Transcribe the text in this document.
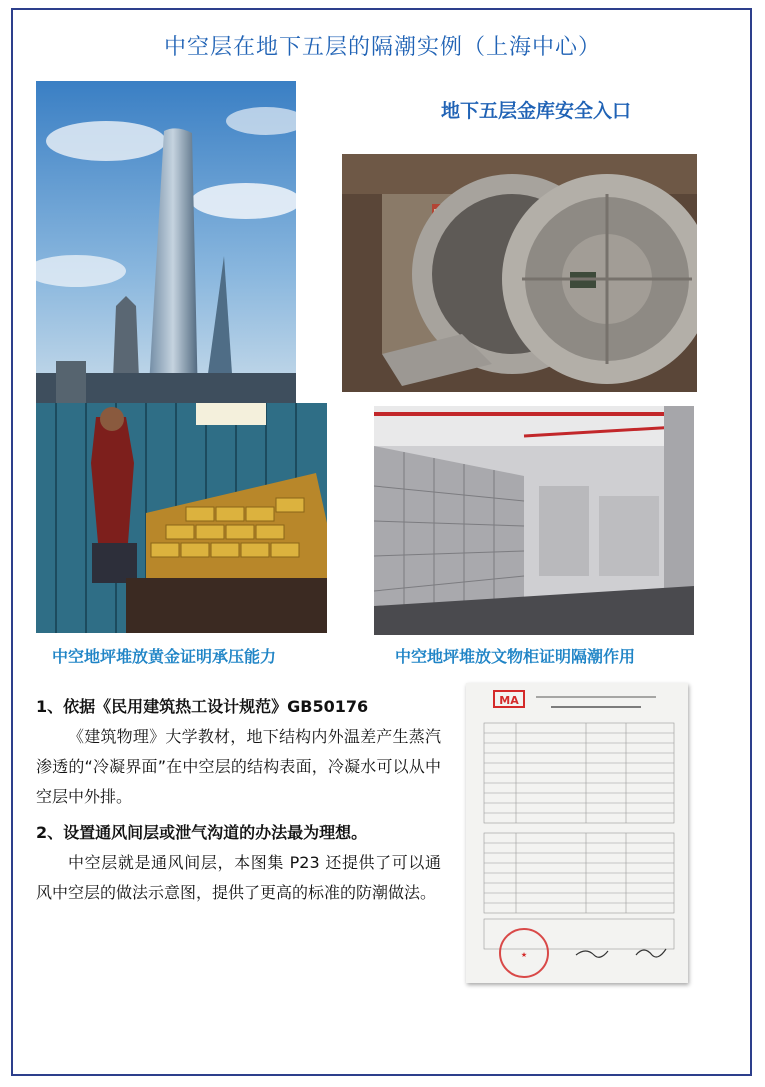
中空层在地下五层的隔潮实例（上海中心）
地下五层金库安全入口
中空地坪堆放黄金证明承压能力	中空地坪堆放文物柜证明隔潮作用
1、依据《民用建筑热工设计规范》GB50176
《建筑物理》大学教材，地下结构内外温差产生蒸汽渗透的“冷凝界面”在中空层的结构表面，冷凝水可以从中空层中外排。
2、设置通风间层或泄气沟道的办法最为理想。
中空层就是通风间层，本图集 P23 还提供了可以通风中空层的做法示意图，提供了更高的标准的防潮做法。
MA
★
